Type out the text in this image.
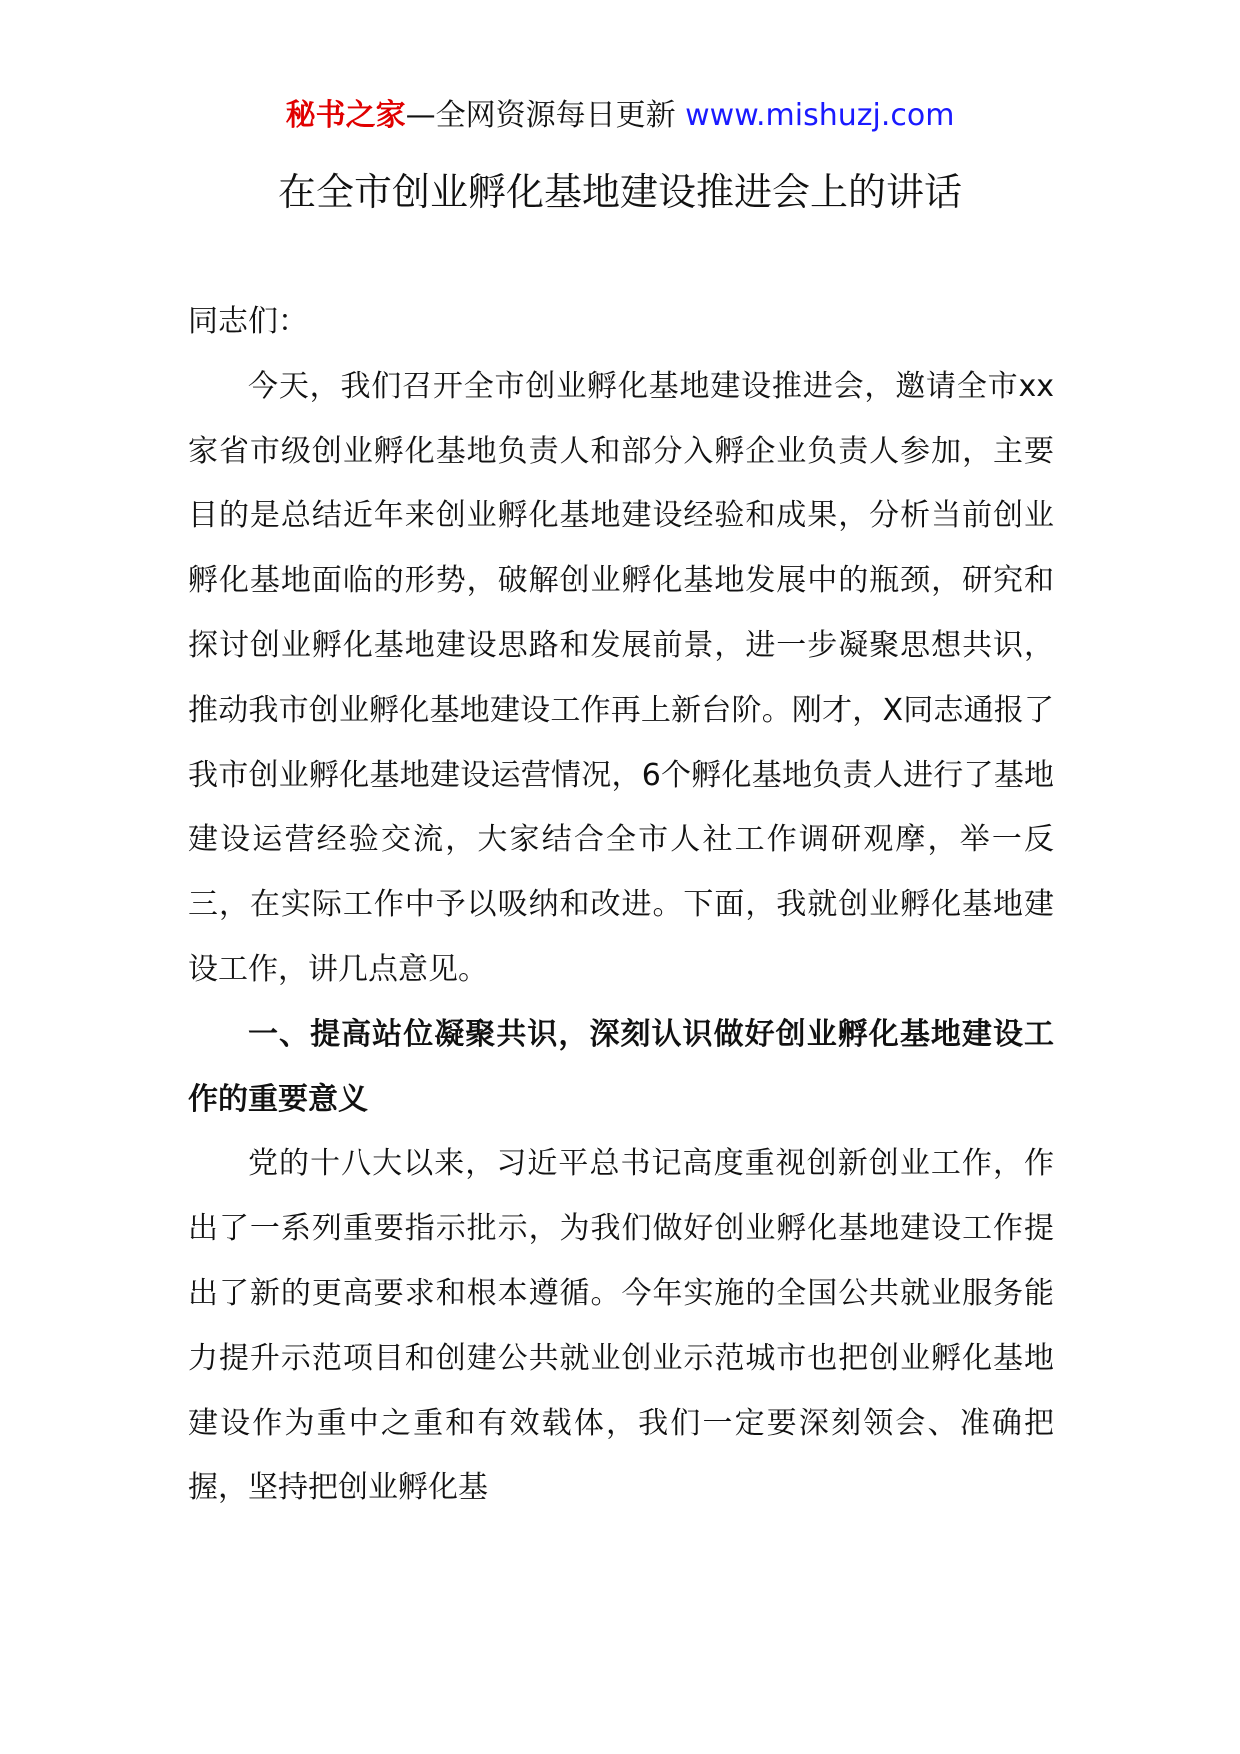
秘书之家—全网资源每日更新 www.mishuzj.com
在全市创业孵化基地建设推进会上的讲话

同志们：

今天，我们召开全市创业孵化基地建设推进会，邀请全市xx家省市级创业孵化基地负责人和部分入孵企业负责人参加，主要目的是总结近年来创业孵化基地建设经验和成果，分析当前创业孵化基地面临的形势，破解创业孵化基地发展中的瓶颈，研究和探讨创业孵化基地建设思路和发展前景，进一步凝聚思想共识，推动我市创业孵化基地建设工作再上新台阶。刚才，X同志通报了我市创业孵化基地建设运营情况，6个孵化基地负责人进行了基地建设运营经验交流，大家结合全市人社工作调研观摩，举一反三，在实际工作中予以吸纳和改进。下面，我就创业孵化基地建设工作，讲几点意见。

一、提高站位凝聚共识，深刻认识做好创业孵化基地建设工作的重要意义

党的十八大以来，习近平总书记高度重视创新创业工作，作出了一系列重要指示批示，为我们做好创业孵化基地建设工作提出了新的更高要求和根本遵循。今年实施的全国公共就业服务能力提升示范项目和创建公共就业创业示范城市也把创业孵化基地建设作为重中之重和有效载体，我们一定要深刻领会、准确把握，坚持把创业孵化基
